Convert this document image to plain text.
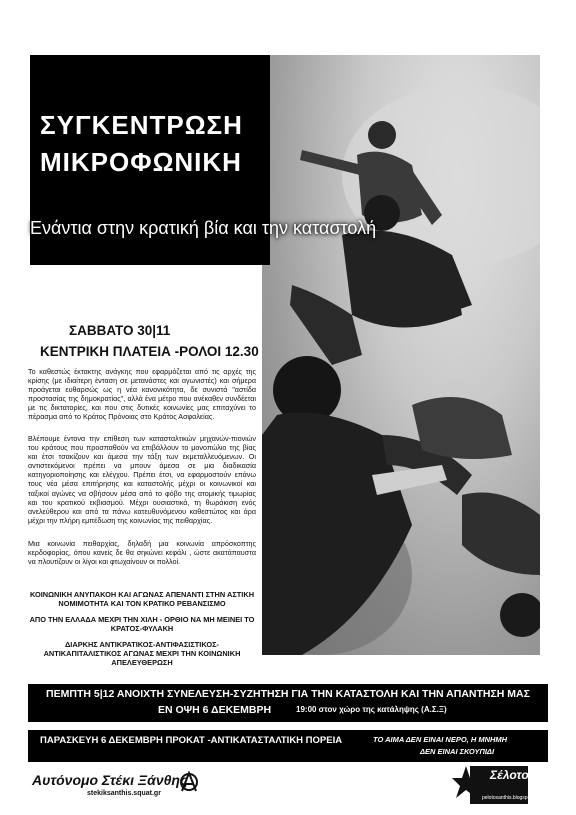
ΣΥΓΚΕΝΤΡΩΣΗ
ΜΙΚΡΟΦΩΝΙΚΗ
Ενάντια στην κρατική βία και την καταστολή
ΣΑΒΒΑΤΟ 30|11
ΚΕΝΤΡΙΚΗ ΠΛΑΤΕΙΑ -ΡΟΛΟΙ 12.30
Το καθεστώς έκτακτης ανάγκης που εφαρμόζεται από τις αρχές της κρίσης (με ιδιαίτερη ένταση σε μετανάστες και αγωνιστές) και σήμερα προάγεται ευθαρσώς ως η νέα κανονικότητα, δε συνιστά "αστίδα προστασίας της δημοκρατίας", αλλά ένα μέτρο που ανέκαθεν συνδέεται με τις δικτατορίες, και που στις δυτικές κοινωνίες μας επιταχύνει το πέρασμα από το Κράτος Πρόνοιας στο Κράτος Ασφαλείας.
Βλέπουμε έντονα την επίθεση των κατασταλτικών μηχανών-πιονιών του κράτους που προσπαθούν να επιβάλλουν το μονοπώλιο της βίας και έτσι τσακίζουν και άμεσα την τάξη των εκμεταλλευόμενων. Οι αντιστεκόμενοι πρέπει να μπουν άμεσα σε μια διαδικασία κατηγοριοποίησης και ελέγχου. Πρέπει έτσι, να εφαρμοστούν επάνω τους νέα μέσα επιτήρησης και καταστολής μέχρι οι κοινωνικοί και ταξικοί αγώνες να σβήσουν μέσα από το φόβο της ατομικής τιμωρίας και του κρατικού εκβιασμού. Μέχρι ουσιαστικά, τη θωράκιση ενός ανελεύθερου και από τα πάνω κατευθυνόμενου καθεστώτος και άρα μέχρι την πλήρη εμπέδωση της κοινωνίας της πειθαρχίας.
Μια κοινωνία πειθαρχίας, δηλαδή μια κοινωνία απρόσκοπτης κερδοφορίας, όπου κανείς δε θα σηκώνει κεφάλι , ώστε ακατάπαυστα να πλουτίζουν οι λίγοι και φτωχαίνουν οι πολλοί.
ΚΟΙΝΩΝΙΚΗ ΑΝΥΠΑΚΟΗ ΚΑΙ ΑΓΩΝΑΣ ΑΠΕΝΑΝΤΙ ΣΤΗΝ ΑΣΤΙΚΗ ΝΟΜΙΜΟΤΗΤΑ ΚΑΙ ΤΟΝ ΚΡΑΤΙΚΟ ΡΕΒΑΝΣΙΣΜΟ
ΑΠΟ ΤΗΝ ΕΛΛΑΔΑ ΜΕΧΡΙ ΤΗΝ ΧΙΛΗ - ΟΡΘΙΟ ΝΑ ΜΗ ΜΕΙΝΕΙ ΤΟ ΚΡΑΤΟΣ-ΦΥΛΑΚΗ
ΔΙΑΡΚΗΣ ΑΝΤΙΚΡΑΤΙΚΟΣ-ΑΝΤΙΦΑΣΙΣΤΙΚΟΣ-ΑΝΤΙΚΑΠΙΤΑΛΙΣΤΙΚΟΣ ΑΓΩΝΑΣ ΜΕΧΡΙ ΤΗΝ ΚΟΙΝΩΝΙΚΗ ΑΠΕΛΕΥΘΕΡΩΣΗ
ΠΕΜΠΤΗ 5|12 ΑΝΟΙΧΤΗ ΣΥΝΕΛΕΥΣΗ-ΣΥΖΗΤΗΣΗ ΓΙΑ ΤΗΝ ΚΑΤΑΣΤΟΛΗ ΚΑΙ ΤΗΝ ΑΠΑΝΤΗΣΗ ΜΑΣ
ΕΝ ΟΨΗ 6 ΔΕΚΕΜΒΡΗ	19:00 στον χώρο της κατάληψης (Α.Σ.Ξ)
ΠΑΡΑΣΚΕΥΗ 6 ΔΕΚΕΜΒΡΗ ΠΡΟΚΑΤ -ΑΝΤΙΚΑΤΑΣΤΑΛΤΙΚΗ ΠΟΡΕΙΑ	ΤΟ ΑΙΜΑ ΔΕΝ ΕΙΝΑΙ ΝΕΡΟ, Η ΜΝΗΜΗ
ΔΕΝ ΕΙΝΑΙ ΣΚΟΥΠΙΔΙ
Αυτόνομο Στέκι Ξάνθης
stekiksanthis.squat.gr
Σέλοτο
pelotoxanthis.blogspot.com
